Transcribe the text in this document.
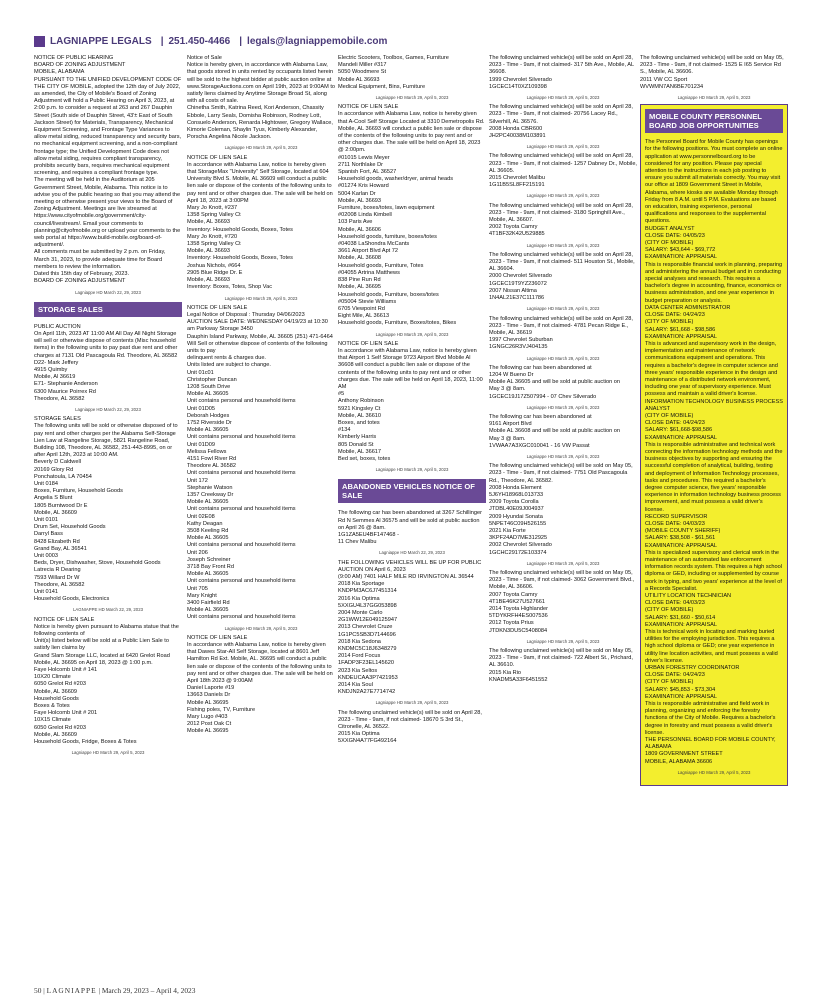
LAGNIAPPE LEGALS | 251.450-4466 | legals@lagniappemobile.com

NOTICE OF PUBLIC HEARING
BOARD OF ZONING ADJUSTMENT
MOBILE, ALABAMA
PURSUANT TO THE UNIFIED DEVELOPMENT CODE OF THE CITY OF MOBILE, adopted the 12th day of July 2022, as amended, the City of Mobile's Board of Zoning Adjustment will hold a Public Hearing on April 3, 2023, at 2:00 p.m. to consider a request at 263 and 267 Dauphin Street (South side of Dauphin Street, 43'± East of South Jackson Street) for Materials, Transparency, Mechanical Equipment Screening, and Frontage Type Variances to allow metal siding, reduced transparency and security bars, no mechanical equipment screening, and a non-compliant frontage type; the Unified Development Code does not allow metal siding, requires compliant transparency, prohibits security bars, requires mechanical equipment screening, and requires a compliant frontage type.
The meeting will be held in the Auditorium at 205 Government Street, Mobile, Alabama. This notice is to advise you of the public hearing so that you may attend the meeting or otherwise present your views to the Board of Zoning Adjustment. Meetings are live streamed at https://www.cityofmobile.org/government/city-council/livestream/. Email your comments to planning@cityofmobile.org or upload your comments to the web portal at https://www.build-mobile.org/board-of-adjustment/.
All comments must be submitted by 2 p.m. on Friday, March 31, 2023, to provide adequate time for Board members to review the information.
Dated this 15th day of February, 2023.
BOARD OF ZONING ADJUSTMENT

Lagniappe HD March 22, 29, 2023

STORAGE SALES

PUBLIC AUCTION
On April 11th, 2023 AT 11:00 AM All Day All Night Storage will sell or otherwise dispose of contents (Misc household items) in the following units to pay past due rent and other charges at 7131 Old Pascagoula Rd. Theodore, AL 36582
D22- Mark Jeffery
4915 Quimby
Mobile, Al 36619
E71- Stephanie Anderson
6300 Maurice Poirrex Rd
Theodore, AL 36582

Lagniappe HD March 22, 29, 2023

STORAGE SALES
The following units will be sold or otherwise disposed of to pay rent and other charges per the Alabama Self-Storage Lien Law at Rangeline Storage, 5821 Rangeline Road, Building 108, Theodore, AL 36582, 251-443-8995, on or after April 12th, 2023 at 10:00 AM.
Beverly D Caldwell
20169 Glory Rd
Ponchatoula, LA 70454
Unit 0184
Boxes, Furniture, Household Goods
Angelia S Blunt
1805 Burntwood Dr E
Mobile, AL 36609
Unit 0101
Drum Set, Household Goods
Darryl Bass
8428 Elizabeth Rd
Grand Bay, AL 36541
Unit 0003
Beds, Dryer, Dishwasher, Stove, Household Goods
Latrecia R Dearing
7593 Willard Dr W
Theodore, AL 36582
Unit 0141
Household Goods, Electronics

LAGNIAPPE HD March 22, 29, 2023

NOTICE OF LIEN SALE
Notice is hereby given pursuant to Alabama statue that the following contents of
Unit(s) listed below will be sold at a Public Lien Sale to satisfy lien claims by
Grand Slam Storage LLC, located at 6420 Grelot Road Mobile, AL 36695 on April 18, 2023 @ 1:00 p.m.
Faye Holcomb Unit # 141
10X20 Climate
6050 Grelot Rd #203
Mobile, AL 36609
Household Goods
Boxes & Totes
Faye Holcomb Unit # 201
10X15 Climate
6050 Grelot Rd #203
Mobile, AL 36609
Household Goods, Fridge, Boxes & Totes

Lagniappe HD March 29, April 5, 2023

Notice of Sale
Notice is hereby given, in accordance with Alabama Law, that goods stored in units rented by occupants listed herein will be sold to the highest bidder at public auction online at www.StorageAuctions.com on April 19th, 2023 at 9:00AM to satisfy liens claimed by Anytime Storage Broad St, along with all costs of sale.
Chinetha Smith, Katrina Reed, Kori Anderson, Chassity Ebbole, Larry Seals, Domisha Robinson, Rodney Lott, Consuelo Anderson, Renarda Hightower, Gregory Wallace, Kimorie Coleman, Shaylin Tyus, Kimberly Alexander, Porscha Angelina Nicole Jackson.

Lagniappe HD March 29, April 5, 2023

NOTICE OF LIEN SALE
In accordance with Alabama Law, notice is hereby given that StorageMax "University" Self Storage, located at 604 University Blvd S. Mobile, AL 36609 will conduct a public lien sale or dispose of the contents of the following units to pay rent and or other charges due. The sale will be held on April 18, 2023 at 3:00PM
Mary Jo Knott, #237
1358 Spring Valley Ct
Mobile, AL 36693
Inventory: Household Goods, Boxes, Totes
Mary Jo Knott, #720
1358 Spring Valley Ct
Mobile, AL 36693
Inventory: Household Goods, Boxes, Totes
Joshua Nichols, #664
2905 Blue Ridge Dr. E
Mobile, AL 36693
Inventory: Boxes, Totes, Shop Vac

Lagniappe HD March 29, April 5, 2023

NOTICE OF LIEN SALE
Legal Notice of Disposal : Thursday 04/06/2023
AUCTION SALE DATE: WEDNESDAY 04/19/23 at 10:30 am Parkway Storage 3450
Dauphin Island Parkway, Mobile, AL 36605 (251) 471-6464
Will Sell or otherwise dispose of contents of the following units to pay
delinquent rents & charges due.
Units listed are subject to change.
Unit 01c01
Christopher Duncan
1208 South Drive
Mobile AL 36605
Unit contains personal and household items
Unit 01D05
Deborah Hodges
1752 Riverside Dr
Mobile AL 36605
Unit contains personal and household items
Unit 01D09
Melissa Fellows
4151 Fowl River Rd
Theodore AL 36582
Unit contains personal and household items
Unit 172
Stephanie Watson
1357 Creekway Dr
Mobile AL 36605
Unit contains personal and household items
Unit 02E08
Kathy Deagan
3508 Keeling Rd
Mobile AL 36605
Unit contains personal and household items
Unit 206
Joseph Schreiner
3718 Bay Front Rd
Mobile AL 36605
Unit contains personal and household items
Unit 705
Mary Knight
3400 Fairfield Rd
Mobile AL 36605
Unit contains personal and household items

Lagniappe HD March 29, April 5, 2023

NOTICE OF LIEN SALE
In accordance with Alabama Law, notice is hereby given that Dawes Star-All Self Storage, located at 8601 Jeff Hamilton Rd Ext. Mobile, AL. 36695 will conduct a public lien sale or dispose of the contents of the following units to pay rent and or other charges due. The sale will be held on April 18th 2023 @ 9:00AM
Daniel Laporte #19
13663 Daniels Dr
Mobile AL 36695
Fishing poles, TV, Furniture
Mary Lugo #403
2012 Post Oak Ct
Mobile AL 36695

Electric Scooters, Toolbox, Games, Furniture
Mandeli Miller #317
5050 Woodmere St
Mobile AL 36693
Medical Equipment, Bins, Furniture

Lagniappe HD March 29, April 5, 2023

NOTICE OF LIEN SALE
In accordance with Alabama Law, notice is hereby given that A-Cool Self Storage Located at 3310 Demetropolis Rd. Mobile, AL 36693 will conduct a public lien sale or dispose of the contents of the following units to pay rent and or other charges due. The sale will be held on April 18, 2023 @ 2:00pm.
#01015 Lewis Meyer
2711 Northlake Dr
Spanish Fort, AL 36527
Household goods, washer/dryer, animal heads
#01274 Kris Howard
5004 Karlan Dr
Mobile, AL 36693
Furniture, boxes/totes, lawn equipment
#02008 Linda Kimbell
103 Paris Ave
Mobile, AL 36606
Household goods, furniture, boxes/totes
#04038 LaShondra McCants
3661 Airport Blvd Apt 72
Mobile, AL 36608
Household goods, Furniture, Totes
#04055 Artrina Matthews
838 Pine Run Rd
Mobile, AL 36695
Household goods, Furniture, boxes/totes
#05004 Stevie Williams
6705 Viewpoint Rd
Eight Mile, AL 36613
Household goods, Furniture, Boxes/totes, Bikes

Lagniappe HD March 29, April 5, 2023

NOTICE OF LIEN SALE
In accordance with Alabama Law, notice is hereby given that Airport 1 Self Storage 9723 Airport Blvd Mobile Al 36608 will conduct a public lien sale or dispose of the contents of the following units to pay rent and or other charges due. The sale will be held on April 18, 2023, 11:00 AM
#5
Anthony Robinson
5921 Kingsley Ct
Mobile, AL 36610
Boxes, and totes
#134
Kimberly Harris
805 Donald St
Mobile, AL 36617
Bed set, boxes, totes

Lagniappe HD March 29, April 5, 2023

ABANDONED VEHICLES NOTICE OF SALE

The following car has been abandoned at 3267 Schillinger Rd N Semmes Al 36575 and will be sold at public auction on April 26 @ 8am.
1G1ZA5EU4BF147468 -
11 Chev Malibu

Lagniappe HD March 22, 29, 2023

THE FOLLOWING VEHICLES WILL BE UP FOR PUBLIC AUCTION ON April 6, 2023
(9:00 AM) 7401 HALF MILE RD IRVINGTON AL 36544
2018 Kia Sportage
KNDPM3AC6J7451314
2016 Kia Optima
5XXGU4L37GG053898
2004 Monte Carlo
2G1WW12E049125947
2013 Chevrolet Cruze
1G1PC5SB3D7144696
2018 Kia Sedona
KNDMC5C18J6348279
2014 Ford Focus
1FADP3F23EL145620
2023 Kia Seltos
KNDEUCAA3P7421953
2014 Kia Soul
KNDJN2A27E7714742

Lagniappe HD March 29, April 5, 2023

The following unclaimed vehicle(s) will be sold on April 28, 2023 - Time - 9am, if not claimed- 18670 S 3rd St., Citronelle, AL 36522.
2015 Kia Optima
5XXGN4A77FG492164

The following unclaimed vehicle(s) will be sold on April 28, 2023 - Time - 9am, if not claimed- 317 5th Ave., Mobile, AL 36608.
1999 Chevrolet Silverado
1GCEC14T0XZ109398

Lagniappe HD March 29, April 5, 2023

The following unclaimed vehicle(s) will be sold on April 28, 2023 - Time - 9am, if not claimed- 20756 Lacey Rd., Silverhill, AL 36576.
2008 Honda CBR600
JH2PC40038M103891

Lagniappe HD March 29, April 5, 2023

The following unclaimed vehicle(s) will be sold on April 28, 2023 - Time - 9am, if not claimed- 1257 Dabney Dr., Mobile, AL 36605.
2015 Chevrolet Malibu
1G11B5SL8FF215191

Lagniappe HD March 29, April 5, 2023

The following unclaimed vehicle(s) will be sold on April 28, 2023 - Time - 9am, if not claimed- 3180 Springhill Ave., Mobile, AL 36607.
2002 Toyota Camry
4T1BF32K42U529885

Lagniappe HD March 29, April 5, 2023

The following unclaimed vehicle(s) will be sold on April 28, 2023 - Time - 9am, if not claimed- 511 Houston St., Mobile, AL 36604.
2000 Chevrolet Silverado
1GCEC19T9YZ236072
2007 Nissan Altima
1N4AL21E37C111786

Lagniappe HD March 29, April 5, 2023

The following unclaimed vehicle(s) will be sold on April 28, 2023 - Time - 9am, if not claimed- 4781 Pecan Ridge E., Mobile, AL 36619
1997 Chevrolet Suburban
1GNGC26R3VJ404135

Lagniappe HD March 29, April 5, 2023

The following car has been abandoned at
1204 W Bueno Dr
Mobile AL 36605 and will be sold at public auction on
May 3 @ 8am.
1GCEC19J17Z507994 - 07 Chev Silverado

Lagniappe HD March 29, April 5, 2023

The following car has been abandoned at
9161 Airport Blvd
Mobile AL 36608 and will be sold at public auction on
May 3 @ 8am.
1VWAA7A3XGC010041 - 16 VW Passat

Lagniappe HD March 29, April 5, 2023

The following unclaimed vehicle(s) will be sold on May 05, 2023 - Time - 9am, if not claimed- 7751 Old Pascagoula Rd., Theodore, AL 36582.
2008 Honda Element
5J6YH18968L013733
2009 Toyota Corolla
JTDBL40E09J004937
2009 Hyundai Sonata
5NPET46C09H526155
2021 Kia Forte
3KPF24AD7ME312925
2002 Chevrolet Silverado
1GCHC29172E103374

Lagniappe HD March 29, April 5, 2023

The following unclaimed vehicle(s) will be sold on May 05, 2023 - Time - 9am, if not claimed- 3062 Government Blvd., Mobile, AL 36606.
2007 Toyota Camry
4T1BE46K27U527661
2014 Toyota Highlander
5TDYKRFH4ES007536
2012 Toyota Prius
JTDKN3DU5C5408084

Lagniappe HD March 29, April 5, 2023

The following unclaimed vehicle(s) will be sold on May 05, 2023 - Time - 9am, if not claimed- 722 Albert St., Prichard, AL 36610.
2015 Kia Rio
KNADM5A33F6451552

The following unclaimed vehicle(s) will be sold on May 05, 2023 - Time - 9am, if not claimed- 1525 E I65 Service Rd S., Mobile, AL 36606.
2011 VW CC Sport
WVWMN7AN6BE701234

Lagniappe HD March 29, April 5, 2023

MOBILE COUNTY PERSONNEL BOARD JOB OPPORTUNITIES

The Personnel Board for Mobile County has openings for the following positions. You must complete an online application at www.personnelboard.org to be considered for any position. Please pay special attention to the instructions in each job posting to ensure you submit all materials correctly. You may visit our office at 1809 Government Street in Mobile, Alabama, where kiosks are available Monday through Friday from 8 A.M. until 5 P.M. Evaluations are based on education, training experience, personal qualifications and responses to the supplemental questions.
BUDGET ANALYST
CLOSE DATE: 04/05/23
(CITY OF MOBILE)
SALARY: $43,644 - $69,772
EXAMINATION: APPRAISAL
This is responsible financial work in planning, preparing and administering the annual budget and in conducting special analyses and research. This requires a bachelor's degree in accounting, finance, economics or business administration, and one year experience in budget preparation or analysis.
DATA CENTER ADMINISTRATOR
CLOSE DATE: 04/24/23
(CITY OF MOBILE)
SALARY: $61,668 - $98,586
EXAMINATION: APPRAISAL
This is advanced and supervisory work in the design, implementation and maintenance of network communications equipment and operations. This requires a bachelor's degree in computer science and three years' responsible experience in the design and maintenance of a distributed network environment, including one year of supervisory experience. Must possess and maintain a valid driver's license.
INFORMATION TECHNOLOGY BUSINESS PROCESS ANALYST
(CITY OF MOBILE)
CLOSE DATE: 04/24/23
SALARY: $61,668-$98,586
EXAMINATION: APPRAISAL
This is responsible administrative and technical work connecting the information technology methods and the business objectives by supporting and ensuring the successful completion of analytical, building, testing and deployment of Information Technology processes, tasks and procedures. This required a bachelor's degree computer science, five years' responsible experience in information technology business process improvement, and must possess a valid driver's license.
RECORD SUPERVISOR
CLOSE DATE: 04/03/23
(MOBILE COUNTY SHERIFF)
SALARY: $38,508 - $61,561
EXAMINATION: APPRAISAL
This is specialized supervisory and clerical work in the maintenance of an automated law enforcement information records system. This requires a high school diploma or GED, including or supplemented by course work in typing, and two years' experience at the level of a Records Specialist.
UTILITY LOCATION TECHNICIAN
CLOSE DATE: 04/03/23
(CITY OF MOBILE)
SALARY: $31,660 - $50,614
EXAMINATION: APPRAISAL
This is technical work in locating and marking buried utilities for the employing jurisdiction. This requires a high school diploma or GED; one year experience in utility line location activities, and must possess a valid driver's license.
URBAN FORESTRY COORDINATOR
CLOSE DATE: 04/24/23
(CITY OF MOBILE)
SALARY: $45,853 - $73,304
EXAMINATION: APPRAISAL
This is responsible administrative and field work in planning, organizing and enforcing the forestry functions of the City of Mobile. Requires a bachelor's degree in forestry and must possess a valid driver's license.
THE PERSONNEL BOARD FOR MOBILE COUNTY, ALABAMA
1809 GOVERNMENT STREET
MOBILE, ALABAMA 36606

Lagniappe HD March 29, April 5, 2023

50 | LAGNIAPPE | March 29, 2023 – April 4, 2023
